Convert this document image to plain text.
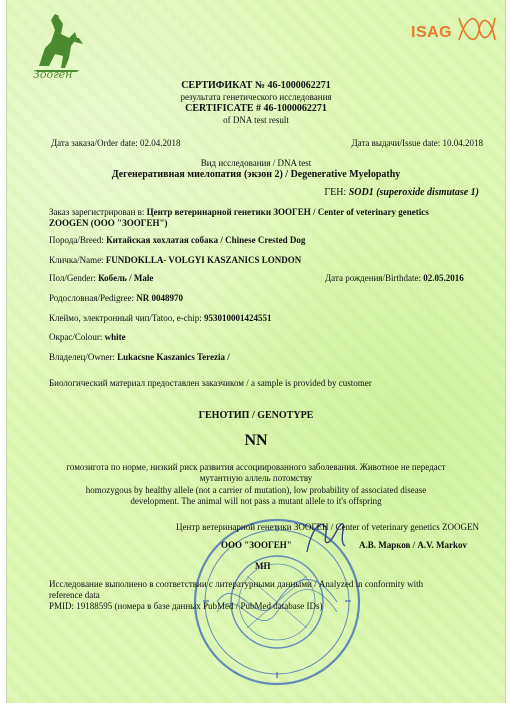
Зооген
ISAG
СЕРТИФИКАТ № 46-1000062271
результата генетического исследования
CERTIFICATE # 46-1000062271
of DNA test result
Дата заказа/Order date: 02.04.2018	Дата выдачи/Issue date: 10.04.2018
Вид исследования / DNA test
Дегенеративная миелопатия (экзон 2) / Degenerative Myelopathy
ГЕН: SOD1 (superoxide dismutase 1)
Заказ зарегистрирован в: Центр ветеринарной генетики ЗООГЕН / Center of veterinary genetics
ZOOGEN (ООО "ЗООГЕН")
Порода/Breed: Китайская хохлатая собака / Chinese Crested Dog
Кличка/Name: FUNDOKLLA- VOLGYI KASZANICS LONDON
Пол/Gender: Кобель / Male	Дата рождения/Birthdate: 02.05.2016
Родословная/Pedigree: NR 0048970
Клеймо, электронный чип/Tatoo, e-chip: 953010001424551
Окрас/Colour: white
Владелец/Owner: Lukacsne Kaszanics Terezia /
Биологический материал предоставлен заказчиком / a sample is provided by customer
ГЕНОТИП / GENOTYPE
NN
гомозигота по норме, низкий риск развития ассоциированного заболевания. Животное не передаст
мутантную аллель потомству
homozygous by healthy allele (not a carrier of mutation), low probability of associated disease
development. The animal will not pass a mutant allele to it's offspring
Центр ветеринарной генетики ЗООГЕН / Center of veterinary genetics ZOOGEN
ООО "ЗООГЕН"	А.В. Марков / A.V. Markov
МП
Исследование выполнено в соответствии с литературными данными / Analyzed in conformity with
reference data
PMID: 19188595 (номера в базе данных PubMed / PubMed database IDs)
